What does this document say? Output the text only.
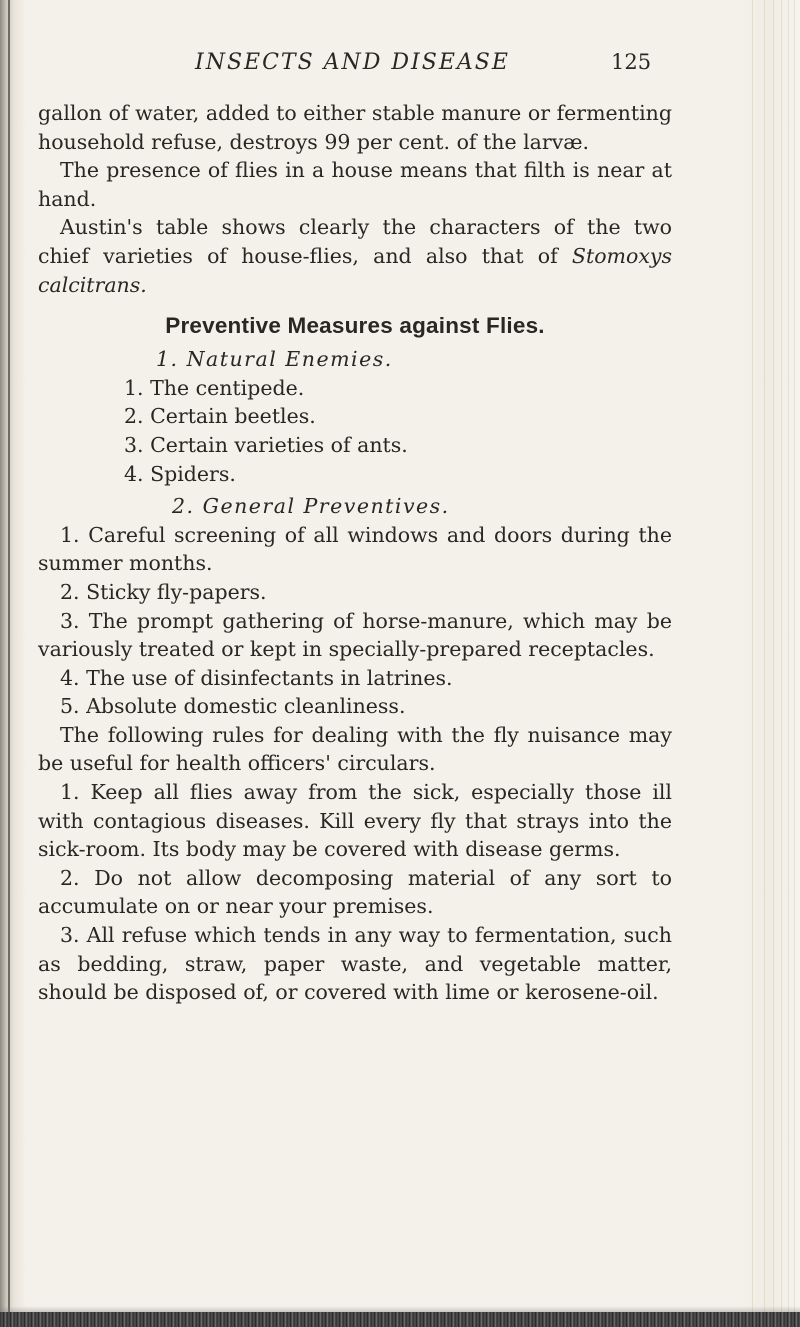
INSECTS AND DISEASE	125

gallon of water, added to either stable manure or fermenting household refuse, destroys 99 per cent. of the larvæ.

The presence of flies in a house means that filth is near at hand.

Austin's table shows clearly the characters of the two chief varieties of house-flies, and also that of Stomoxys calcitrans.

Preventive Measures against Flies.
1. Natural Enemies.
1. The centipede.
2. Certain beetles.
3. Certain varieties of ants.
4. Spiders.
2. General Preventives.

1. Careful screening of all windows and doors during the summer months.

2. Sticky fly-papers.

3. The prompt gathering of horse-manure, which may be variously treated or kept in specially-prepared receptacles.

4. The use of disinfectants in latrines.

5. Absolute domestic cleanliness.

The following rules for dealing with the fly nuisance may be useful for health officers' circulars.

1. Keep all flies away from the sick, especially those ill with contagious diseases. Kill every fly that strays into the sick-room. Its body may be covered with disease germs.

2. Do not allow decomposing material of any sort to accumulate on or near your premises.

3. All refuse which tends in any way to fermentation, such as bedding, straw, paper waste, and vegetable matter, should be disposed of, or covered with lime or kerosene-oil.
